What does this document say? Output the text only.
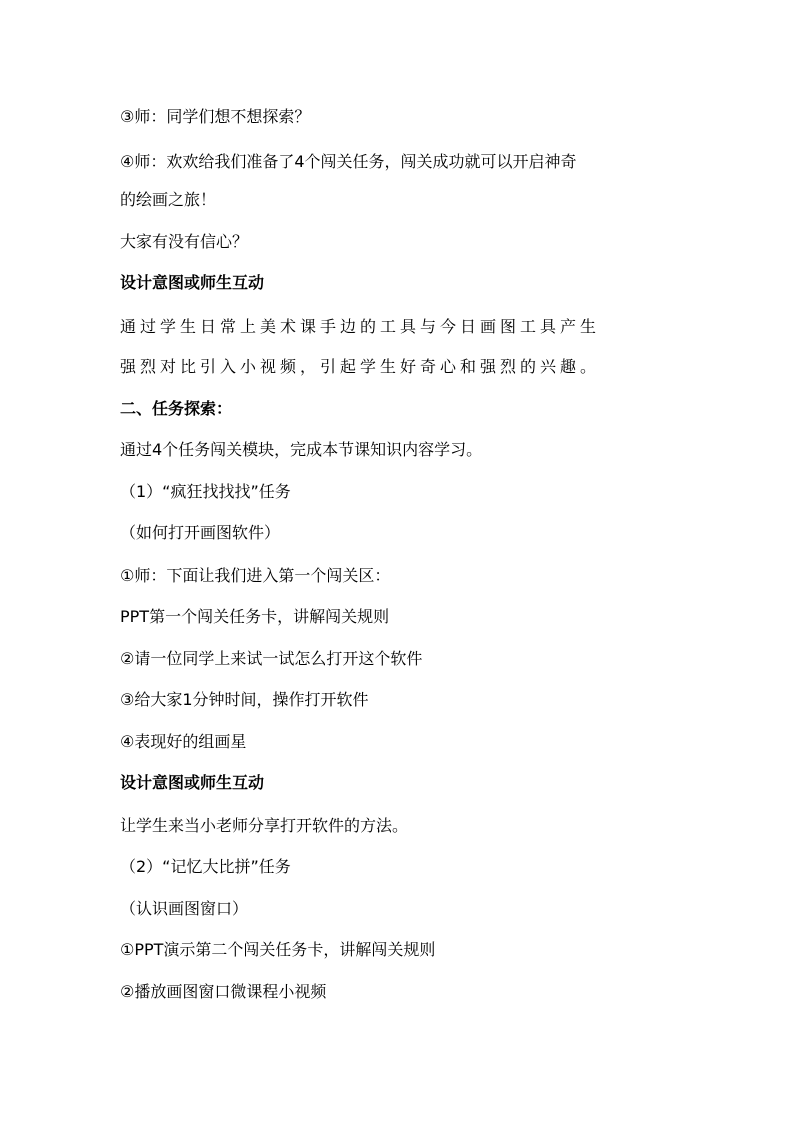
③师：同学们想不想探索？
④师：欢欢给我们准备了4个闯关任务，闯关成功就可以开启神奇
的绘画之旅！
大家有没有信心？
设计意图或师生互动
通过学生日常上美术课手边的工具与今日画图工具产生
强烈对比引入小视频，引起学生好奇心和强烈的兴趣。
二、任务探索：
通过4个任务闯关模块，完成本节课知识内容学习。
（1）“疯狂找找找”任务
（如何打开画图软件）
①师：下面让我们进入第一个闯关区：
PPT第一个闯关任务卡，讲解闯关规则
②请一位同学上来试一试怎么打开这个软件
③给大家1分钟时间，操作打开软件
④表现好的组画星
设计意图或师生互动
让学生来当小老师分享打开软件的方法。
（2）“记忆大比拼”任务
（认识画图窗口）
①PPT演示第二个闯关任务卡，讲解闯关规则
②播放画图窗口微课程小视频
